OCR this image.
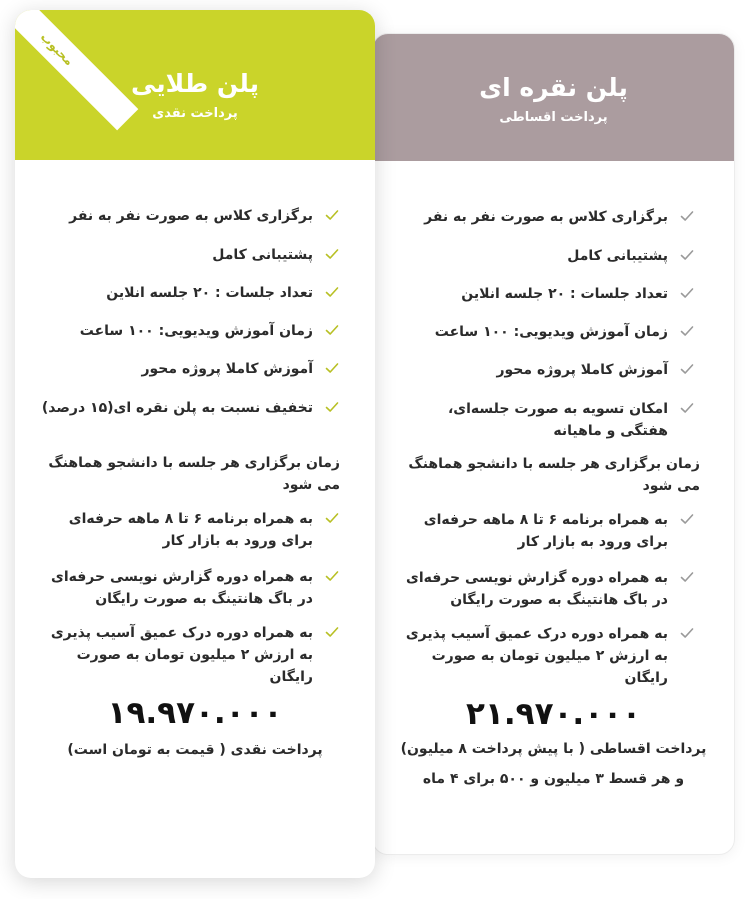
پلن نقره ای
پرداخت اقساطی
برگزاری کلاس به صورت نفر به نفر
پشتیبانی کامل
تعداد جلسات : ۲۰ جلسه انلاین
زمان آموزش ویدیویی: ۱۰۰ ساعت
آموزش کاملا پروژه محور
امکان تسویه به صورت جلسه‌ای، هفتگی و ماهیانه
زمان برگزاری هر جلسه با دانشجو هماهنگ می شود
به همراه برنامه ۶ تا ۸ ماهه حرفه‌ای برای ورود به بازار کار
به همراه دوره گزارش نویسی حرفه‌ای در باگ هانتینگ به صورت رایگان
به همراه دوره درک عمیق آسیب پذیری به ارزش ۲ میلیون تومان به صورت رایگان
۲۱.۹۷۰.۰۰۰
پرداخت اقساطی ( با پیش پرداخت ۸ میلیون)
و هر قسط ۳ میلیون و ۵۰۰ برای ۴ ماه
محبوب
پلن طلایی
پرداخت نقدی
برگزاری کلاس به صورت نفر به نفر
پشتیبانی کامل
تعداد جلسات : ۲۰ جلسه انلاین
زمان آموزش ویدیویی: ۱۰۰ ساعت
آموزش کاملا پروژه محور
تخفیف نسبت به پلن نقره ای(۱۵ درصد)
زمان برگزاری هر جلسه با دانشجو هماهنگ می شود
به همراه برنامه ۶ تا ۸ ماهه حرفه‌ای برای ورود به بازار کار
به همراه دوره گزارش نویسی حرفه‌ای در باگ هانتینگ به صورت رایگان
به همراه دوره درک عمیق آسیب پذیری به ارزش ۲ میلیون تومان به صورت رایگان
۱۹.۹۷۰.۰۰۰
پرداخت نقدی ( قیمت به تومان است)
